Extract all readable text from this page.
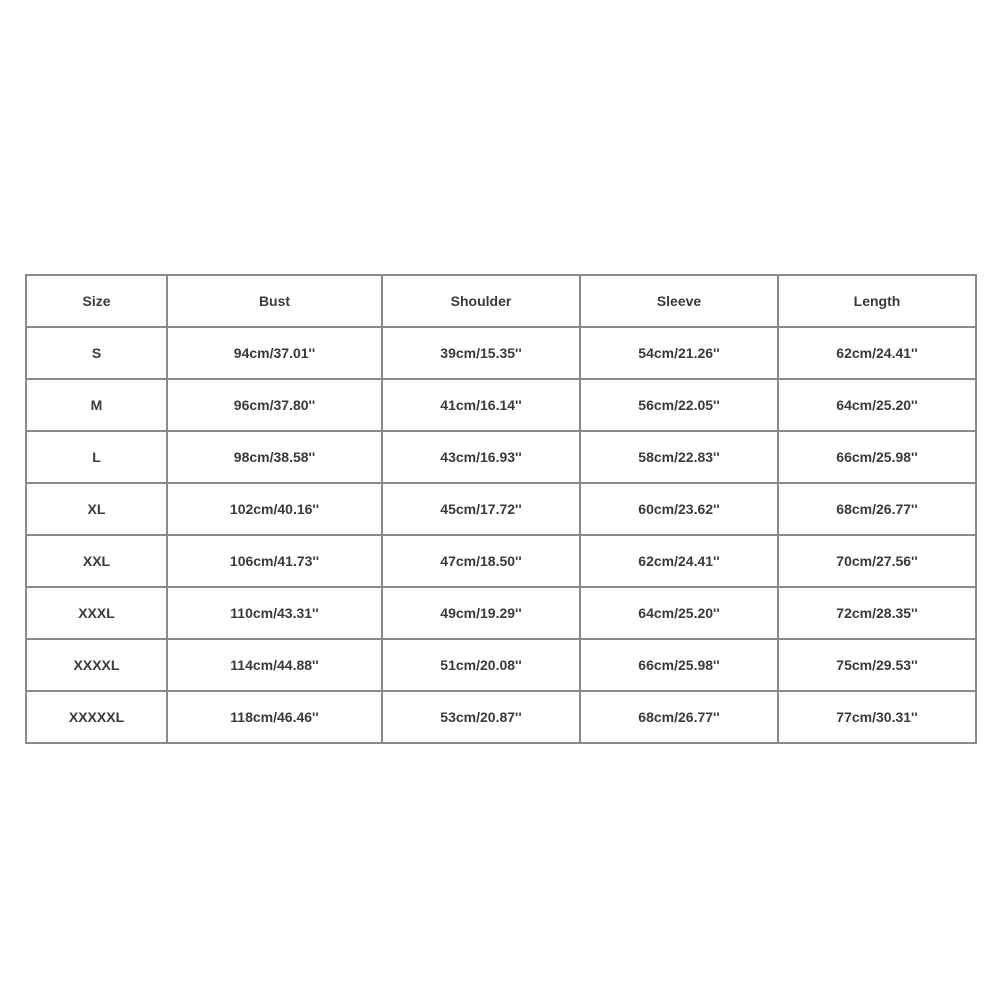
Size	Bust	Shoulder	Sleeve	Length
S	94cm/37.01''	39cm/15.35''	54cm/21.26''	62cm/24.41''
M	96cm/37.80''	41cm/16.14''	56cm/22.05''	64cm/25.20''
L	98cm/38.58''	43cm/16.93''	58cm/22.83''	66cm/25.98''
XL	102cm/40.16''	45cm/17.72''	60cm/23.62''	68cm/26.77''
XXL	106cm/41.73''	47cm/18.50''	62cm/24.41''	70cm/27.56''
XXXL	110cm/43.31''	49cm/19.29''	64cm/25.20''	72cm/28.35''
XXXXL	114cm/44.88''	51cm/20.08''	66cm/25.98''	75cm/29.53''
XXXXXL	118cm/46.46''	53cm/20.87''	68cm/26.77''	77cm/30.31''
